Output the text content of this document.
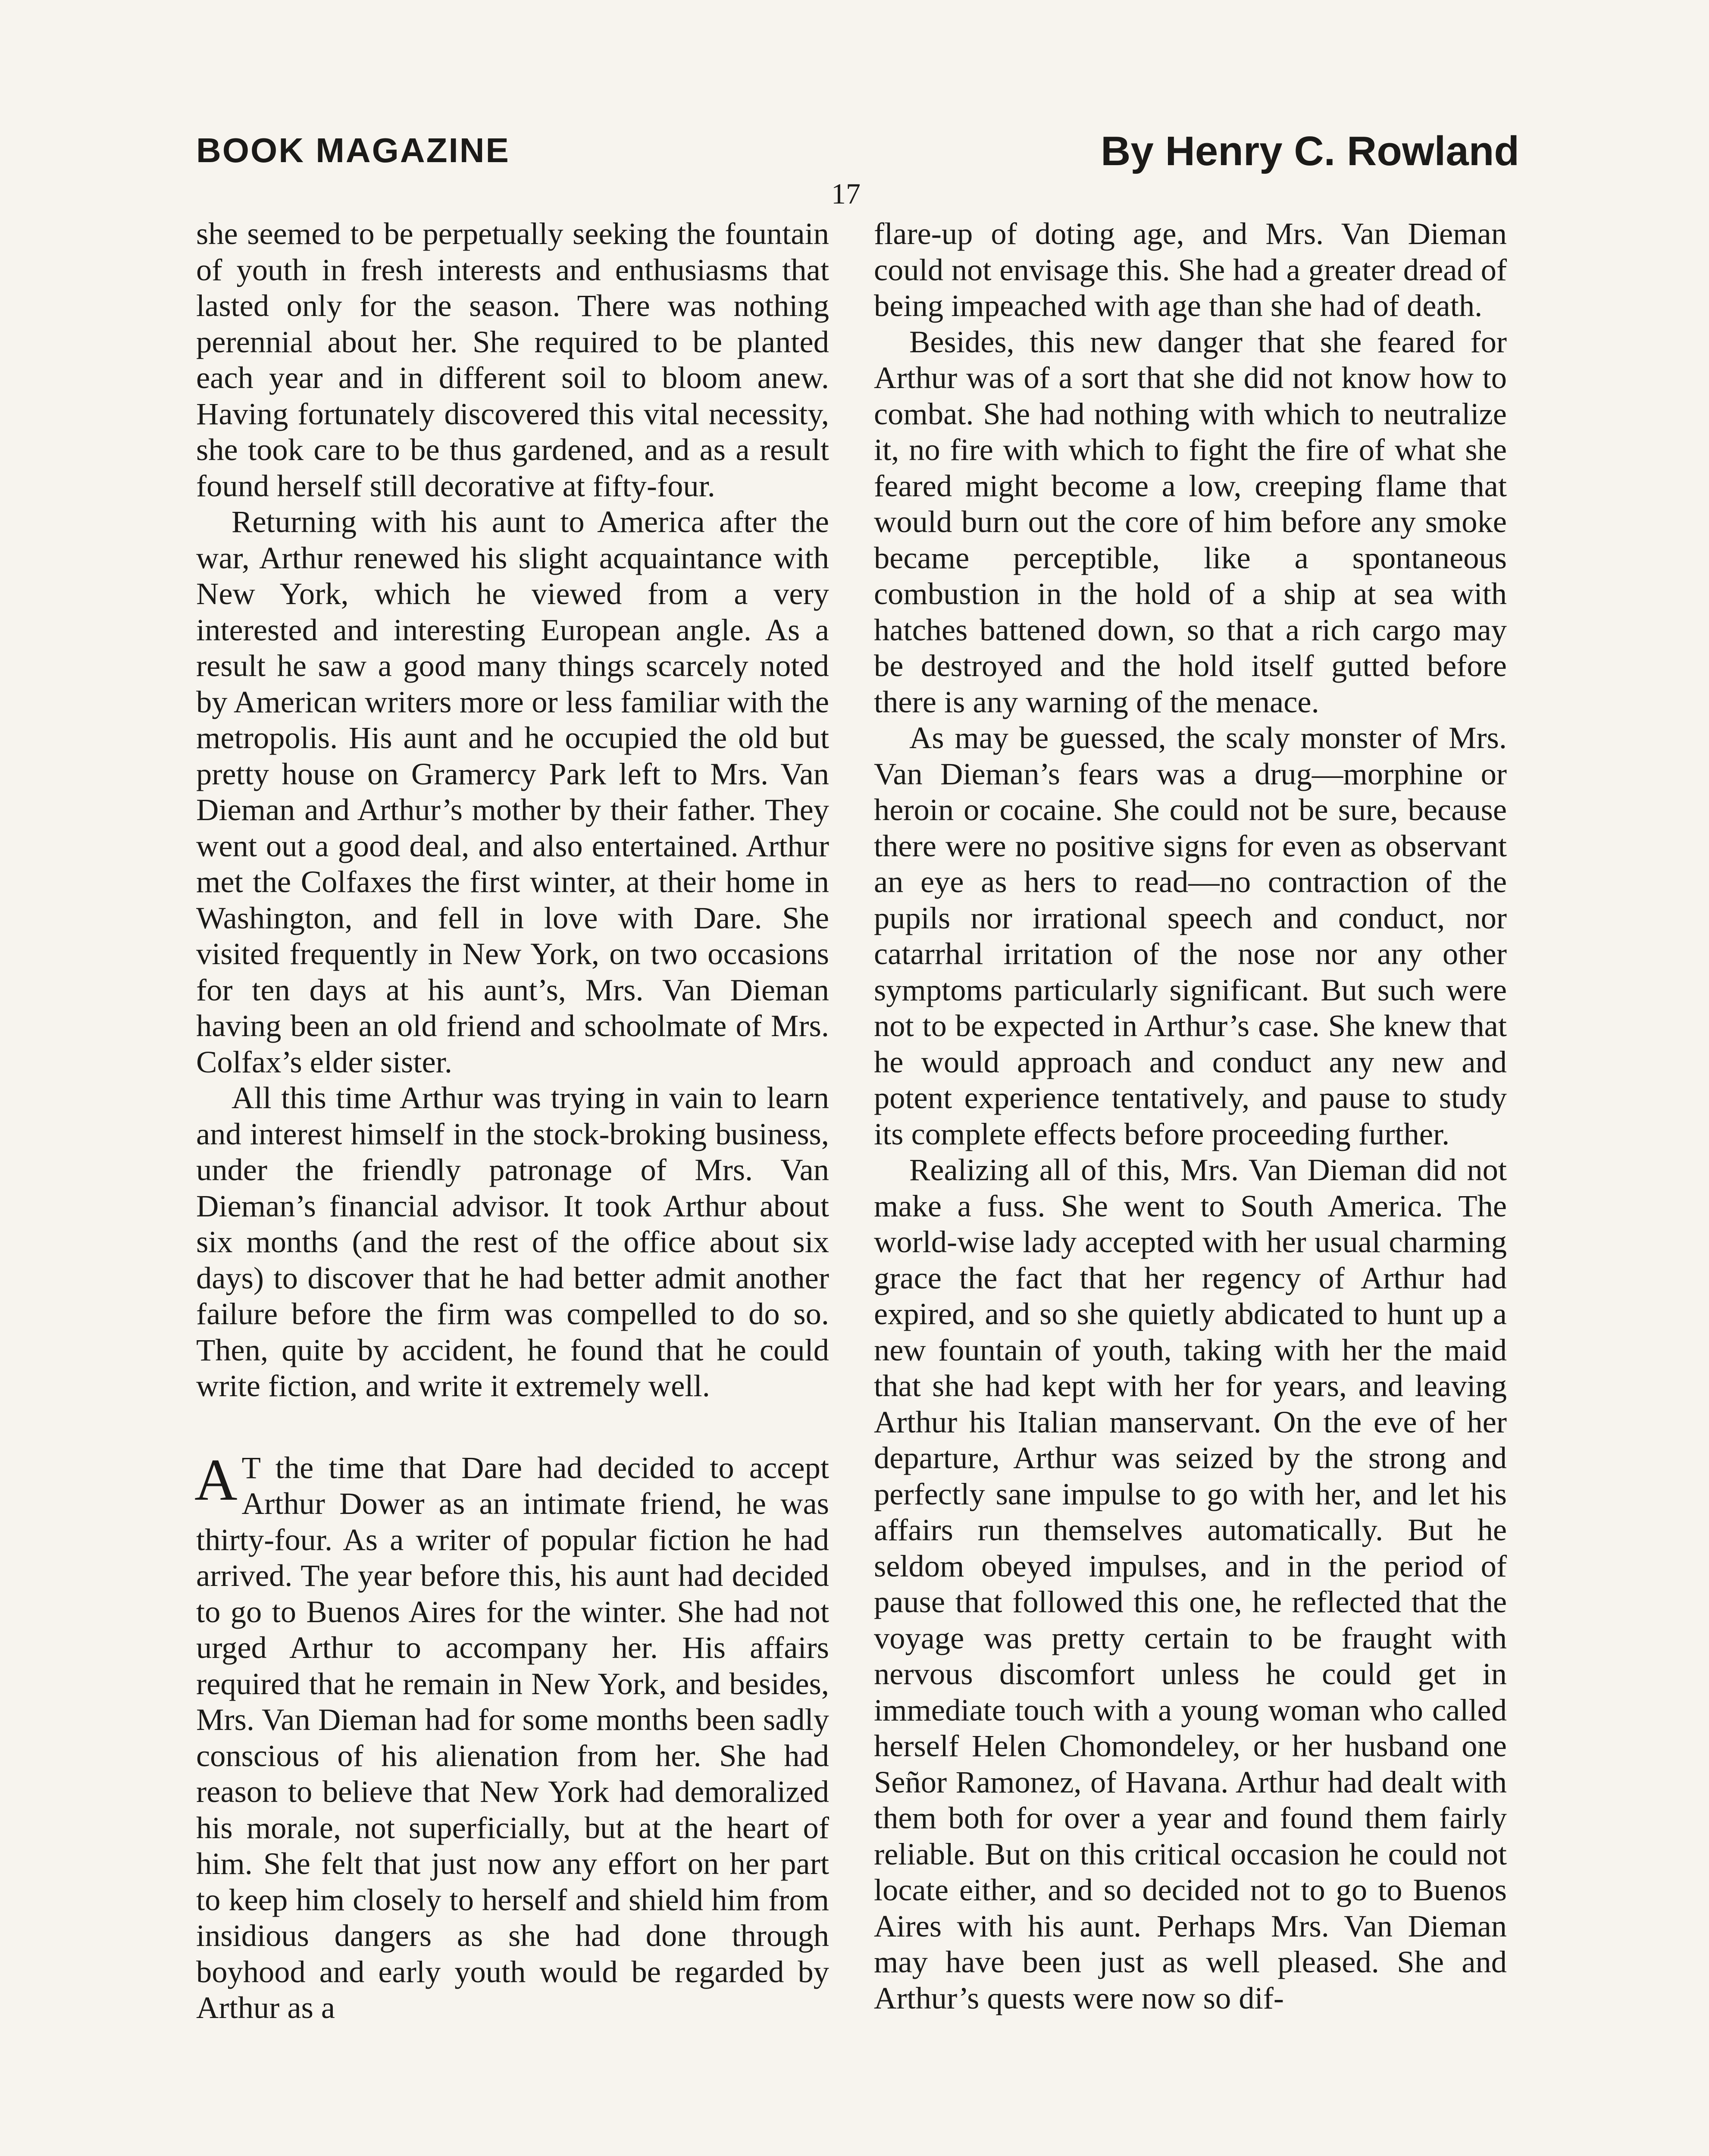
BOOK MAGAZINE	By Henry C. Rowland
17

she seemed to be perpetually seeking the fountain of youth in fresh interests and enthusiasms that lasted only for the season. There was nothing perennial about her. She required to be planted each year and in different soil to bloom anew. Having fortunately discovered this vital necessity, she took care to be thus gardened, and as a result found herself still decorative at fifty-four.

Returning with his aunt to America after the war, Arthur renewed his slight acquaintance with New York, which he viewed from a very interested and interesting European angle. As a result he saw a good many things scarcely noted by American writers more or less familiar with the metropolis. His aunt and he occupied the old but pretty house on Gramercy Park left to Mrs. Van Dieman and Arthur’s mother by their father. They went out a good deal, and also entertained. Arthur met the Colfaxes the first winter, at their home in Washington, and fell in love with Dare. She visited frequently in New York, on two occasions for ten days at his aunt’s, Mrs. Van Dieman having been an old friend and schoolmate of Mrs. Colfax’s elder sister.

All this time Arthur was trying in vain to learn and interest himself in the stock-broking business, under the friendly patronage of Mrs. Van Dieman’s financial advisor. It took Arthur about six months (and the rest of the office about six days) to discover that he had better admit another failure before the firm was compelled to do so. Then, quite by accident, he found that he could write fiction, and write it extremely well.

A T the time that Dare had decided to accept Arthur Dower as an intimate friend, he was thirty-four. As a writer of popular fiction he had arrived. The year before this, his aunt had decided to go to Buenos Aires for the winter. She had not urged Arthur to accompany her. His affairs required that he remain in New York, and besides, Mrs. Van Dieman had for some months been sadly conscious of his alienation from her. She had reason to believe that New York had demoralized his morale, not superficially, but at the heart of him. She felt that just now any effort on her part to keep him closely to herself and shield him from insidious dangers as she had done through boyhood and early youth would be regarded by Arthur as a

flare-up of doting age, and Mrs. Van Dieman could not envisage this. She had a greater dread of being impeached with age than she had of death.

Besides, this new danger that she feared for Arthur was of a sort that she did not know how to combat. She had nothing with which to neutralize it, no fire with which to fight the fire of what she feared might become a low, creeping flame that would burn out the core of him before any smoke became perceptible, like a spontaneous combustion in the hold of a ship at sea with hatches battened down, so that a rich cargo may be destroyed and the hold itself gutted before there is any warning of the menace.

As may be guessed, the scaly monster of Mrs. Van Dieman’s fears was a drug—morphine or heroin or cocaine. She could not be sure, because there were no positive signs for even as observant an eye as hers to read—no contraction of the pupils nor irrational speech and conduct, nor catarrhal irritation of the nose nor any other symptoms particularly significant. But such were not to be expected in Arthur’s case. She knew that he would approach and conduct any new and potent experience tentatively, and pause to study its complete effects before proceeding further.

Realizing all of this, Mrs. Van Dieman did not make a fuss. She went to South America. The world-wise lady accepted with her usual charming grace the fact that her regency of Arthur had expired, and so she quietly abdicated to hunt up a new fountain of youth, taking with her the maid that she had kept with her for years, and leaving Arthur his Italian manservant. On the eve of her departure, Arthur was seized by the strong and perfectly sane impulse to go with her, and let his affairs run themselves automatically. But he seldom obeyed impulses, and in the period of pause that followed this one, he reflected that the voyage was pretty certain to be fraught with nervous discomfort unless he could get in immediate touch with a young woman who called herself Helen Chomondeley, or her husband one Señor Ramonez, of Havana. Arthur had dealt with them both for over a year and found them fairly reliable. But on this critical occasion he could not locate either, and so decided not to go to Buenos Aires with his aunt. Perhaps Mrs. Van Dieman may have been just as well pleased. She and Arthur’s quests were now so dif-
